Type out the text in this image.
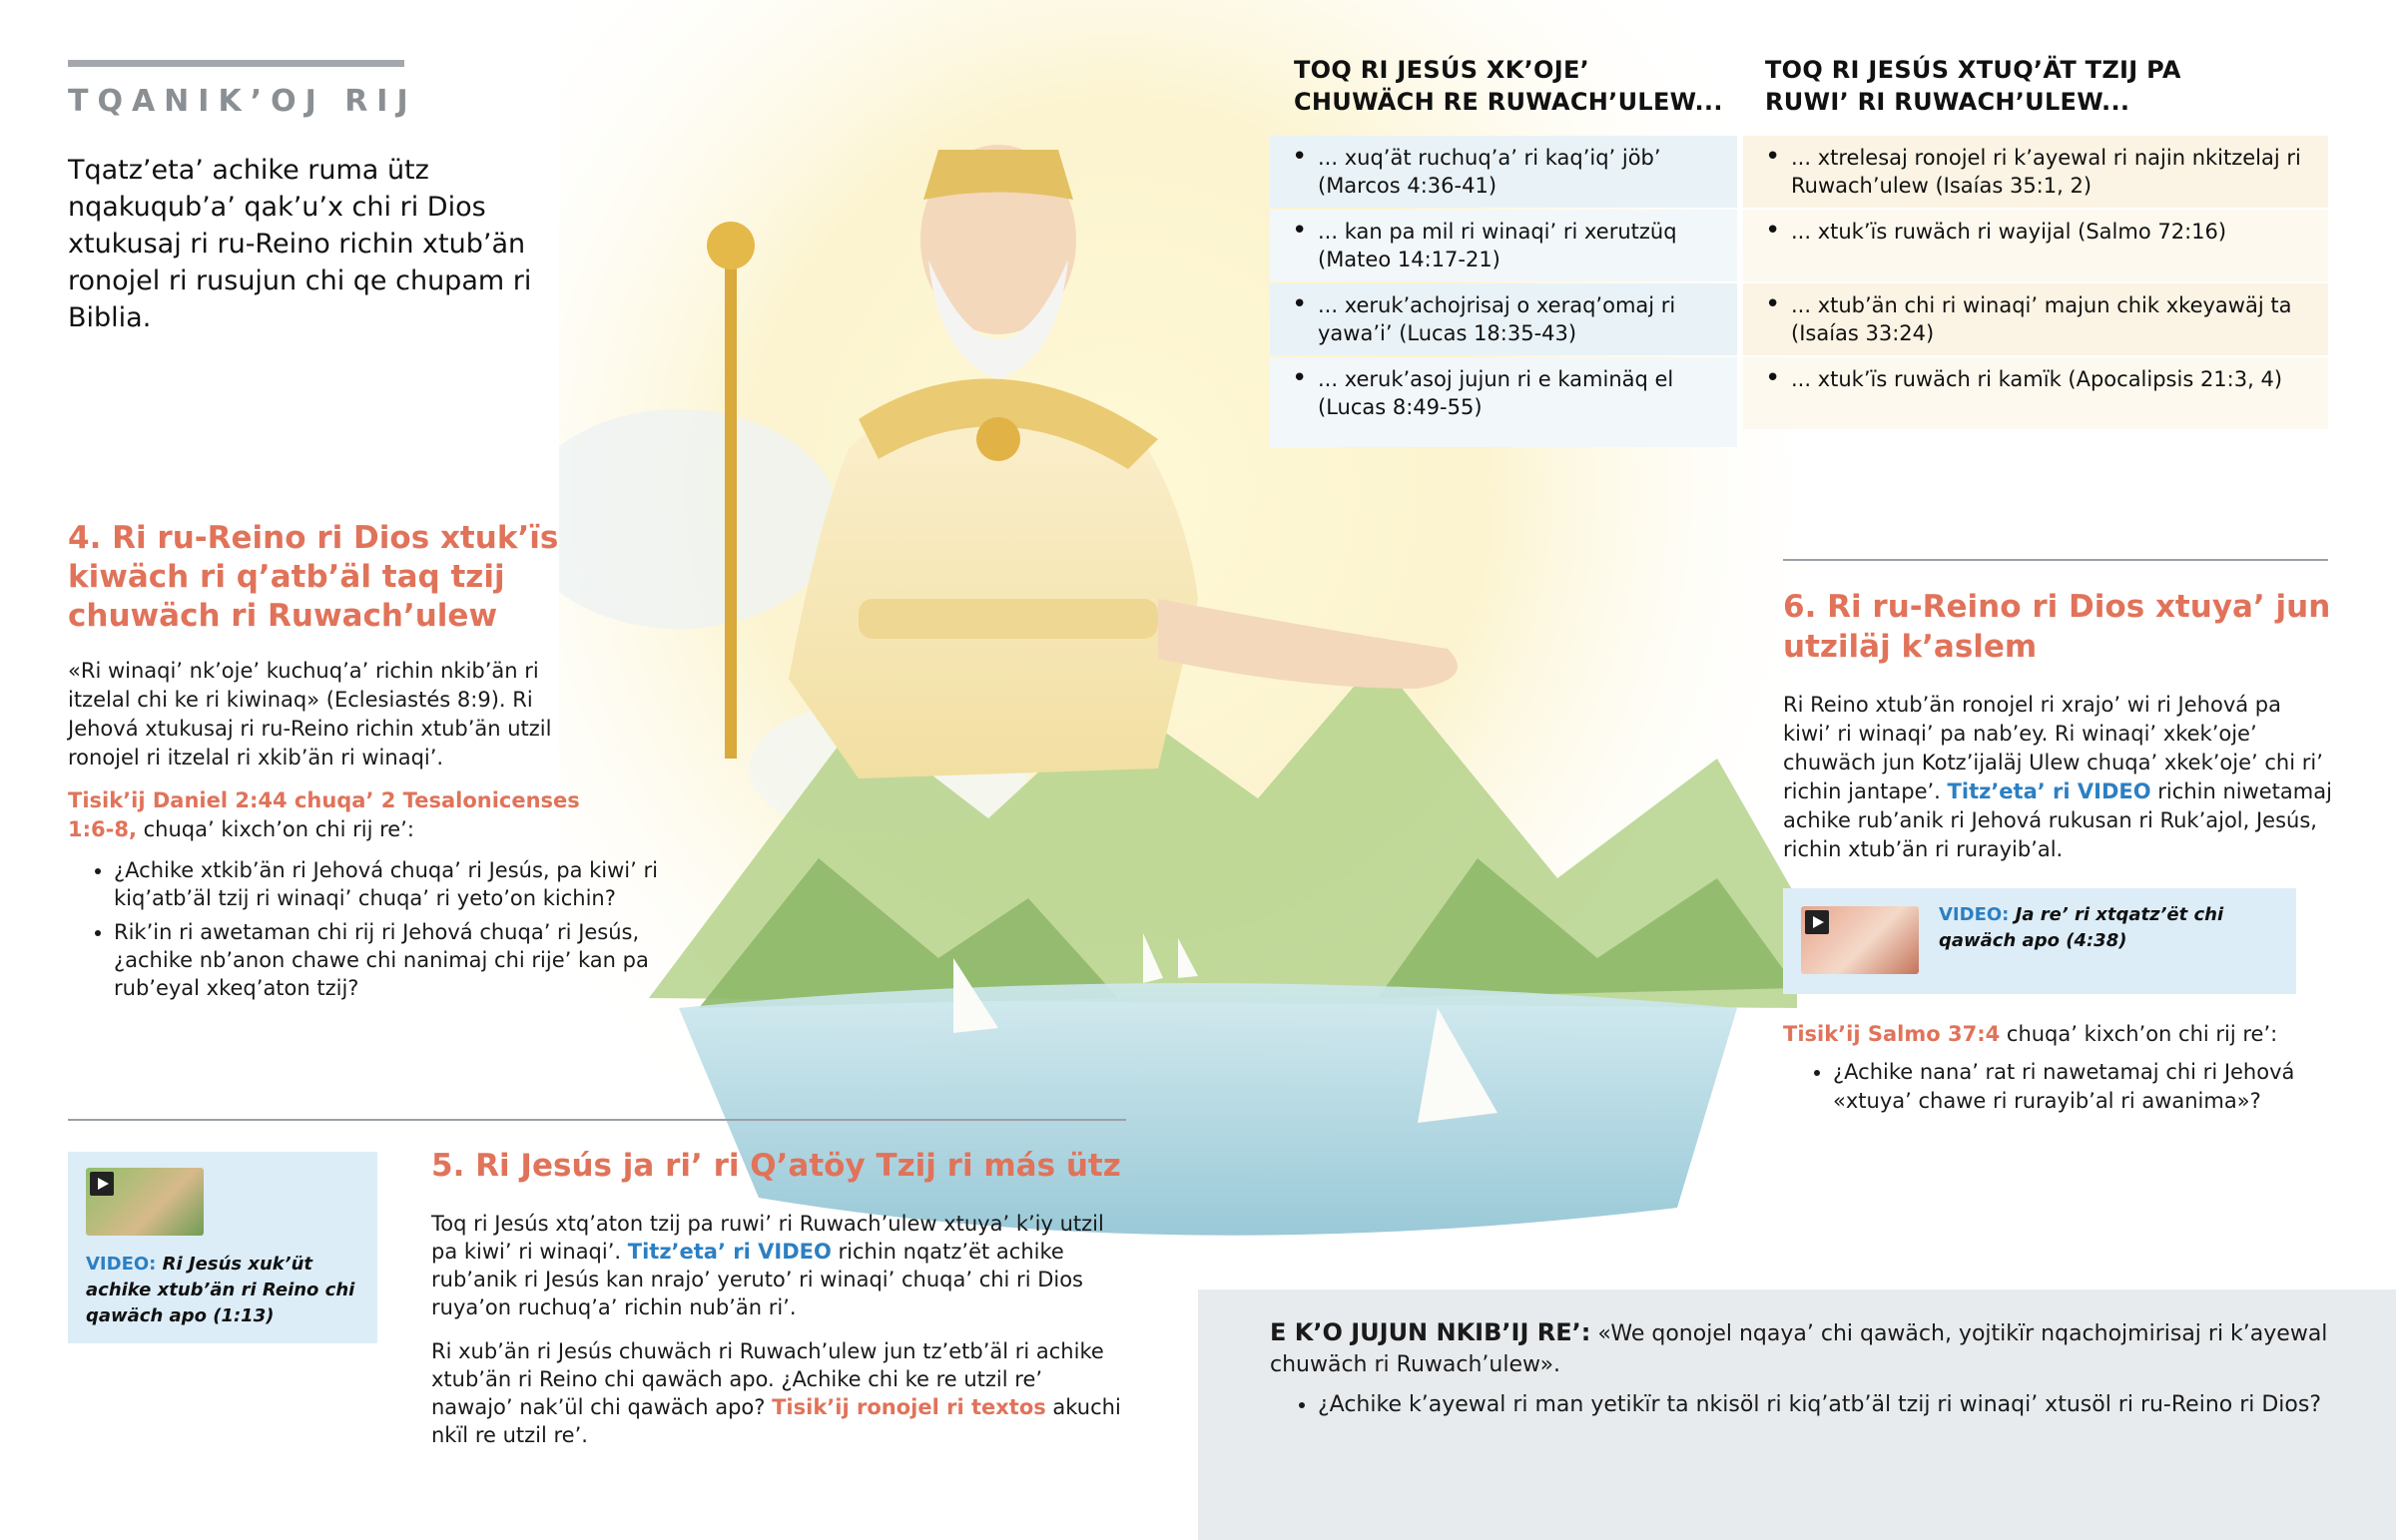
TQANIK’OJ RIJ
Tqatz’eta’ achike ruma ütz nqakuqub’a’ qak’u’x chi ri Dios xtukusaj ri ru-Reino richin xtub’än ronojel ri rusujun chi qe chupam ri Biblia.
4. Ri ru-Reino ri Dios xtuk’ïs kiwäch ri q’atb’äl taq tzij chuwäch ri Ruwach’ulew
«Ri winaqi’ nk’oje’ kuchuq’a’ richin nkib’än ri itzelal chi ke ri kiwinaq» (Eclesiastés 8:9). Ri Jehová xtukusaj ri ru-Reino richin xtub’än utzil ronojel ri itzelal ri xkib’än ri winaqi’.
Tisik’ij Daniel 2:44 chuqa’ 2 Tesalonicenses 1:6-8, chuqa’ kixch’on chi rij re’:
• ¿Achike xtkib’än ri Jehová chuqa’ ri Jesús, pa kiwi’ ri kiq’atb’äl tzij ri winaqi’ chuqa’ ri yeto’on kichin?
• Rik’in ri awetaman chi rij ri Jehová chuqa’ ri Jesús, ¿achike nb’anon chawe chi nanimaj chi rije’ kan pa rub’eyal xkeq’aton tzij?
VIDEO: Ri Jesús xuk’üt achike xtub’än ri Reino chi qawäch apo (1:13)
5. Ri Jesús ja ri’ ri Q’atöy Tzij ri más ütz
Toq ri Jesús xtq’aton tzij pa ruwi’ ri Ruwach’ulew xtuya’ k’iy utzil pa kiwi’ ri winaqi’. Titz’eta’ ri VIDEO richin nqatz’ët achike rub’anik ri Jesús kan nrajo’ yeruto’ ri winaqi’ chuqa’ chi ri Dios ruya’on ruchuq’a’ richin nub’än ri’.
Ri xub’än ri Jesús chuwäch ri Ruwach’ulew jun tz’etb’äl ri achike xtub’än ri Reino chi qawäch apo. ¿Achike chi ke re utzil re’ nawajo’ nak’ül chi qawäch apo? Tisik’ij ronojel ri textos akuchi nkïl re utzil re’.
TOQ RI JESÚS XK’OJE’ CHUWÄCH RE RUWACH’ULEW...
TOQ RI JESÚS XTUQ’ÄT TZIJ PA RUWI’ RI RUWACH’ULEW...
• ... xuq’ät ruchuq’a’ ri kaq’iq’ jöb’ (Marcos 4:36-41)
• ... kan pa mil ri winaqi’ ri xerutzüq (Mateo 14:17-21)
• ... xeruk’achojrisaj o xeraq’omaj ri yawa’i’ (Lucas 18:35-43)
• ... xeruk’asoj jujun ri e kaminäq el (Lucas 8:49-55)
• ... xtrelesaj ronojel ri k’ayewal ri najin nkitzelaj ri Ruwach’ulew (Isaías 35:1, 2)
• ... xtuk’ïs ruwäch ri wayijal (Salmo 72:16)
• ... xtub’än chi ri winaqi’ majun chik xkeyawäj ta (Isaías 33:24)
• ... xtuk’ïs ruwäch ri kamïk (Apocalipsis 21:3, 4)
6. Ri ru-Reino ri Dios xtuya’ jun utziläj k’aslem
Ri Reino xtub’än ronojel ri xrajo’ wi ri Jehová pa kiwi’ ri winaqi’ pa nab’ey. Ri winaqi’ xkek’oje’ chuwäch jun Kotz’ijaläj Ulew chuqa’ xkek’oje’ chi ri’ richin jantape’. Titz’eta’ ri VIDEO richin niwetamaj achike rub’anik ri Jehová rukusan ri Ruk’ajol, Jesús, richin xtub’än ri rurayib’al.
VIDEO: Ja re’ ri xtqatz’ët chi qawäch apo (4:38)
Tisik’ij Salmo 37:4 chuqa’ kixch’on chi rij re’:
• ¿Achike nana’ rat ri nawetamaj chi ri Jehová «xtuya’ chawe ri rurayib’al ri awanima»?
E K’O JUJUN NKIB’IJ RE’: «We qonojel nqaya’ chi qawäch, yojtikïr nqachojmirisaj ri k’ayewal chuwäch ri Ruwach’ulew».
• ¿Achike k’ayewal ri man yetikïr ta nkisöl ri kiq’atb’äl tzij ri winaqi’ xtusöl ri ru-Reino ri Dios?
